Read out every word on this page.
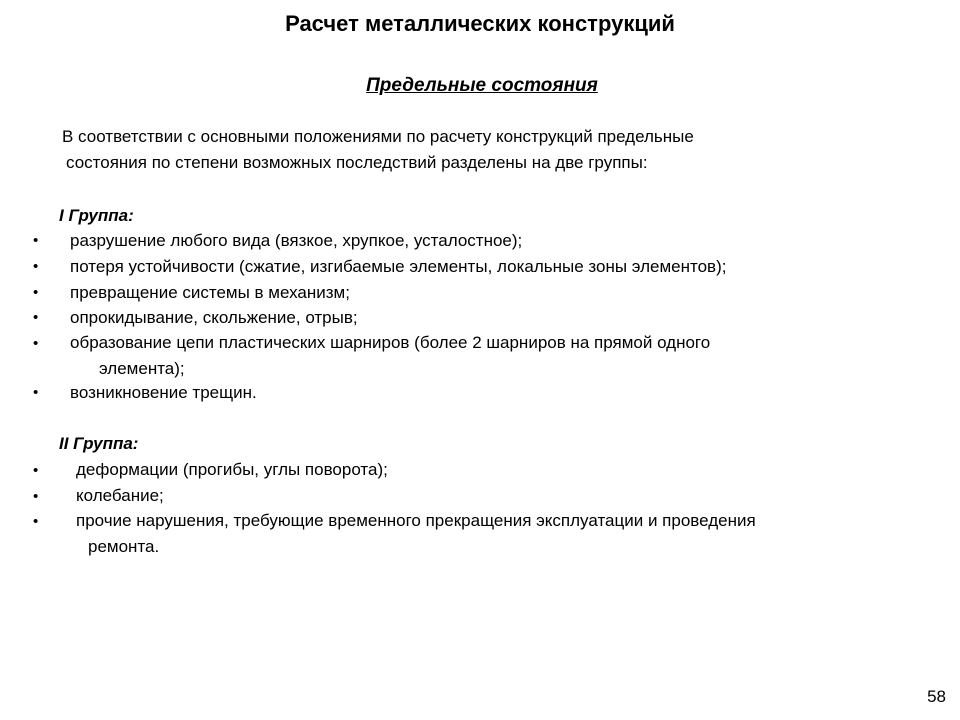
Расчет металлических конструкций
Предельные состояния
В соответствии с основными положениями по расчету конструкций предельные
состояния по степени возможных последствий разделены на две группы:
I Группа:
• разрушение любого вида (вязкое, хрупкое, усталостное);
• потеря устойчивости (сжатие, изгибаемые элементы, локальные зоны элементов);
• превращение системы в механизм;
• опрокидывание, скольжение, отрыв;
• образование цепи пластических шарниров (более 2 шарниров на прямой одного
элемента);
• возникновение трещин.
II Группа:
• деформации (прогибы, углы поворота);
• колебание;
• прочие нарушения, требующие временного прекращения эксплуатации и проведения
ремонта.
58
